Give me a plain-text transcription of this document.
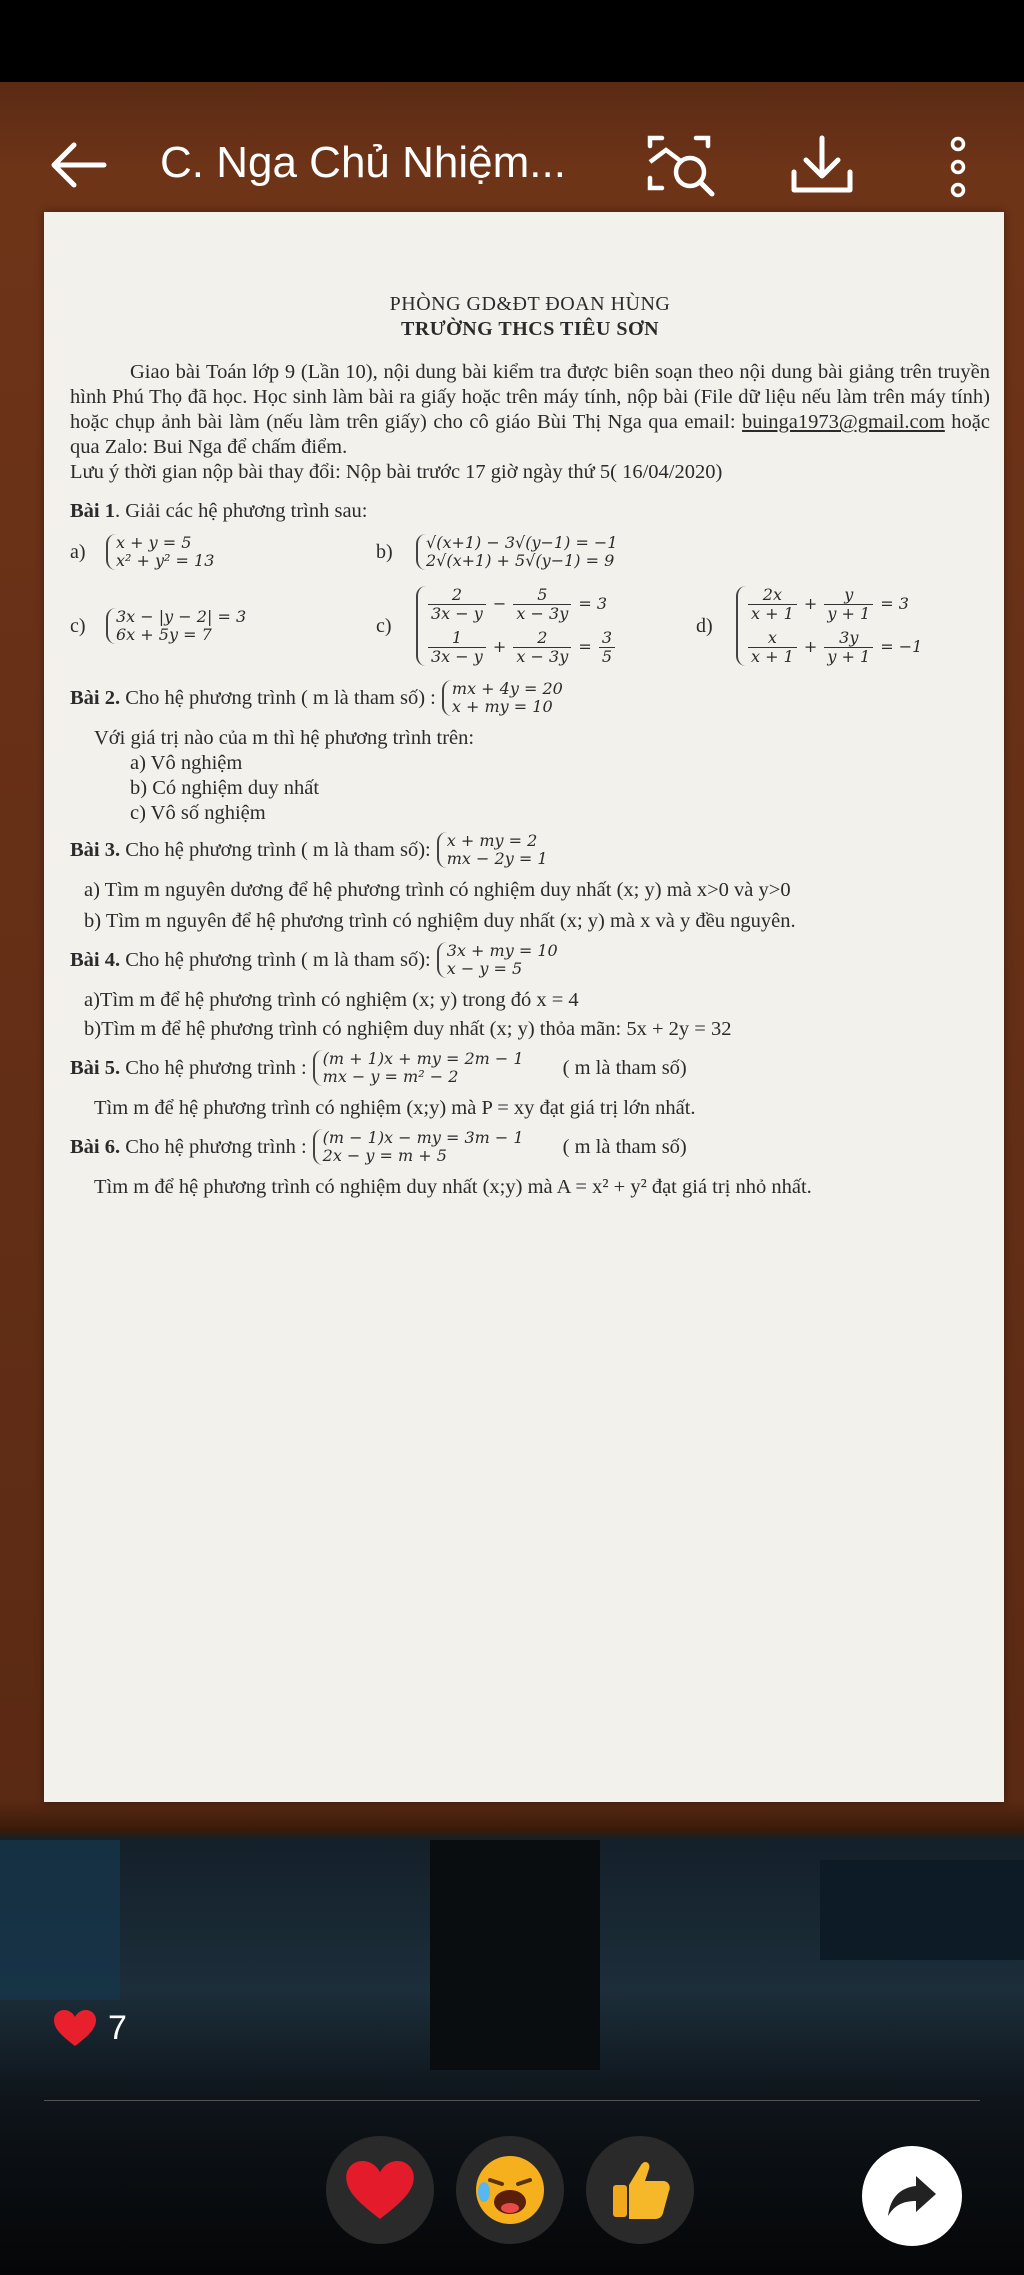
C. Nga Chủ Nhiệm...
PHÒNG GD&ĐT ĐOAN HÙNG
TRƯỜNG THCS TIÊU SƠN

Giao bài Toán lớp 9 (Lần 10), nội dung bài kiểm tra được biên soạn theo nội dung bài giảng trên truyền hình Phú Thọ đã học. Học sinh làm bài ra giấy hoặc trên máy tính, nộp bài (File dữ liệu nếu làm trên máy tính) hoặc chụp ảnh bài làm (nếu làm trên giấy) cho cô giáo Bùi Thị Nga qua email: buinga1973@gmail.com hoặc qua Zalo: Bui Nga để chấm điểm.

Lưu ý thời gian nộp bài thay đổi: Nộp bài trước 17 giờ ngày thứ 5( 16/04/2020)

Bài 1. Giải các hệ phương trình sau:
a)	x + y = 5
x² + y² = 13	b)	√(x+1) − 3√(y−1) = −1
2√(x+1) + 5√(y−1) = 9
c)	3x − |y − 2| = 3
6x + 5y = 7	c)
$\frac{2}{3x - y} - \frac{5}{x - 3y} = 3$
$\frac{1}{3x - y} + \frac{2}{x - 3y} = \frac{3}{5}$
d)
$\frac{2x}{x + 1} + \frac{y}{y + 1} = 3$
$\frac{x}{x + 1} + \frac{3y}{y + 1} = -1$
Bài 2. Cho hệ phương trình ( m là tham số) : mx + 4y = 20
x + my = 10
Với giá trị nào của m thì hệ phương trình trên:
a) Vô nghiệm
b) Có nghiệm duy nhất
c) Vô số nghiệm
Bài 3. Cho hệ phương trình ( m là tham số): x + my = 2
mx − 2y = 1

a) Tìm m nguyên dương để hệ phương trình có nghiệm duy nhất (x; y) mà x>0 và y>0

b) Tìm m nguyên để hệ phương trình có nghiệm duy nhất (x; y) mà x và y đều nguyên.

Bài 4. Cho hệ phương trình ( m là tham số): 3x + my = 10
x − y = 5
a)Tìm m để hệ phương trình có nghiệm (x; y) trong đó x = 4
b)Tìm m để hệ phương trình có nghiệm duy nhất (x; y) thỏa mãn: 5x + 2y = 32
Bài 5. Cho hệ phương trình : (m + 1)x + my = 2m − 1
mx − y = m² − 2	( m là tham số)
Tìm m để hệ phương trình có nghiệm (x;y) mà P = xy đạt giá trị lớn nhất.
Bài 6. Cho hệ phương trình : (m − 1)x − my = 3m − 1
2x − y = m + 5	( m là tham số)

Tìm m để hệ phương trình có nghiệm duy nhất (x;y) mà A = x² + y² đạt giá trị nhỏ nhất.

7
